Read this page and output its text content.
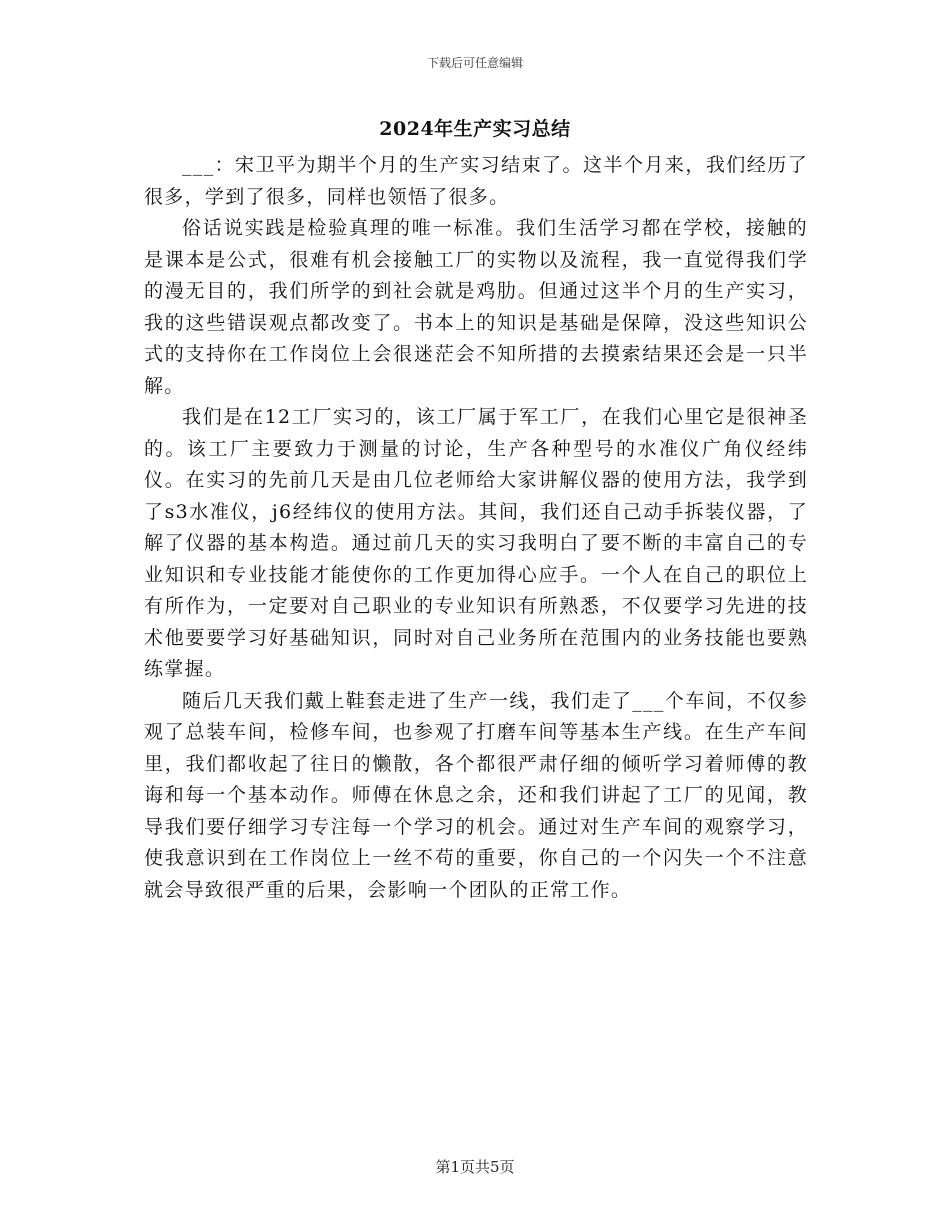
下载后可任意编辑
2024年生产实习总结

___：宋卫平为期半个月的生产实习结束了。这半个月来，我们经历了很多，学到了很多，同样也领悟了很多。

俗话说实践是检验真理的唯一标准。我们生活学习都在学校，接触的是课本是公式，很难有机会接触工厂的实物以及流程，我一直觉得我们学的漫无目的，我们所学的到社会就是鸡肋。但通过这半个月的生产实习，我的这些错误观点都改变了。书本上的知识是基础是保障，没这些知识公式的支持你在工作岗位上会很迷茫会不知所措的去摸索结果还会是一只半解。

我们是在12工厂实习的，该工厂属于军工厂，在我们心里它是很神圣的。该工厂主要致力于测量的讨论，生产各种型号的水准仪广角仪经纬仪。在实习的先前几天是由几位老师给大家讲解仪器的使用方法，我学到了s3水准仪，j6经纬仪的使用方法。其间，我们还自己动手拆装仪器，了解了仪器的基本构造。通过前几天的实习我明白了要不断的丰富自己的专业知识和专业技能才能使你的工作更加得心应手。一个人在自己的职位上有所作为，一定要对自己职业的专业知识有所熟悉，不仅要学习先进的技术他要要学习好基础知识，同时对自己业务所在范围内的业务技能也要熟练掌握。

随后几天我们戴上鞋套走进了生产一线，我们走了___个车间，不仅参观了总装车间，检修车间，也参观了打磨车间等基本生产线。在生产车间里，我们都收起了往日的懒散，各个都很严肃仔细的倾听学习着师傅的教诲和每一个基本动作。师傅在休息之余，还和我们讲起了工厂的见闻，教导我们要仔细学习专注每一个学习的机会。通过对生产车间的观察学习，使我意识到在工作岗位上一丝不苟的重要，你自己的一个闪失一个不注意就会导致很严重的后果，会影响一个团队的正常工作。

第1页共5页
